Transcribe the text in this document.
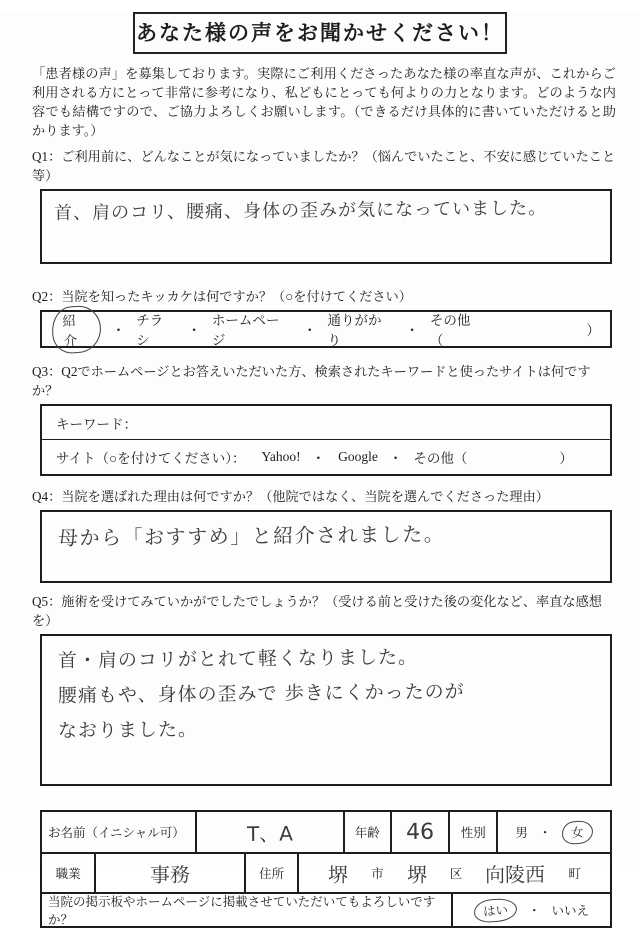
あなた様の声をお聞かせください！

「患者様の声」を募集しております。実際にご利用くださったあなた様の率直な声が、これからご利用される方にとって非常に参考になり、私どもにとっても何よりの力となります。どのような内容でも結構ですので、ご協力よろしくお願いします。（できるだけ具体的に書いていただけると助かります。）

Q1：ご利用前に、どんなことが気になっていましたか？（悩んでいたこと、不安に感じていたこと等）
首、肩のコリ、腰痛、身体の歪みが気になっていました。
Q2：当院を知ったキッカケは何ですか？（○を付けてください）
紹介
・
チラシ
・
ホームページ
・
通りがかり
・
その他（
）
Q3：Q2でホームページとお答えいただいた方、検索されたキーワードと使ったサイトは何ですか？
キーワード：
サイト（○を付けてください）： Yahoo! ・ Google ・ その他（	）
Q4：当院を選ばれた理由は何ですか？（他院ではなく、当院を選んでくださった理由）
母から「おすすめ」と紹介されました。
Q5：施術を受けてみていかがでしたでしょうか？（受ける前と受けた後の変化など、率直な感想を）
首・肩のコリがとれて軽くなりました。
腰痛もや、身体の歪みで 歩きにくかったのが
なおりました。
お名前（イニシャル可）	T、A	年齢 46 性別 男 ・	女
職業	事務	住所 堺 市 堺 区 向陵西 町
当院の掲示板やホームページに掲載させていただいてもよろしいですか？
はい	・ いいえ
